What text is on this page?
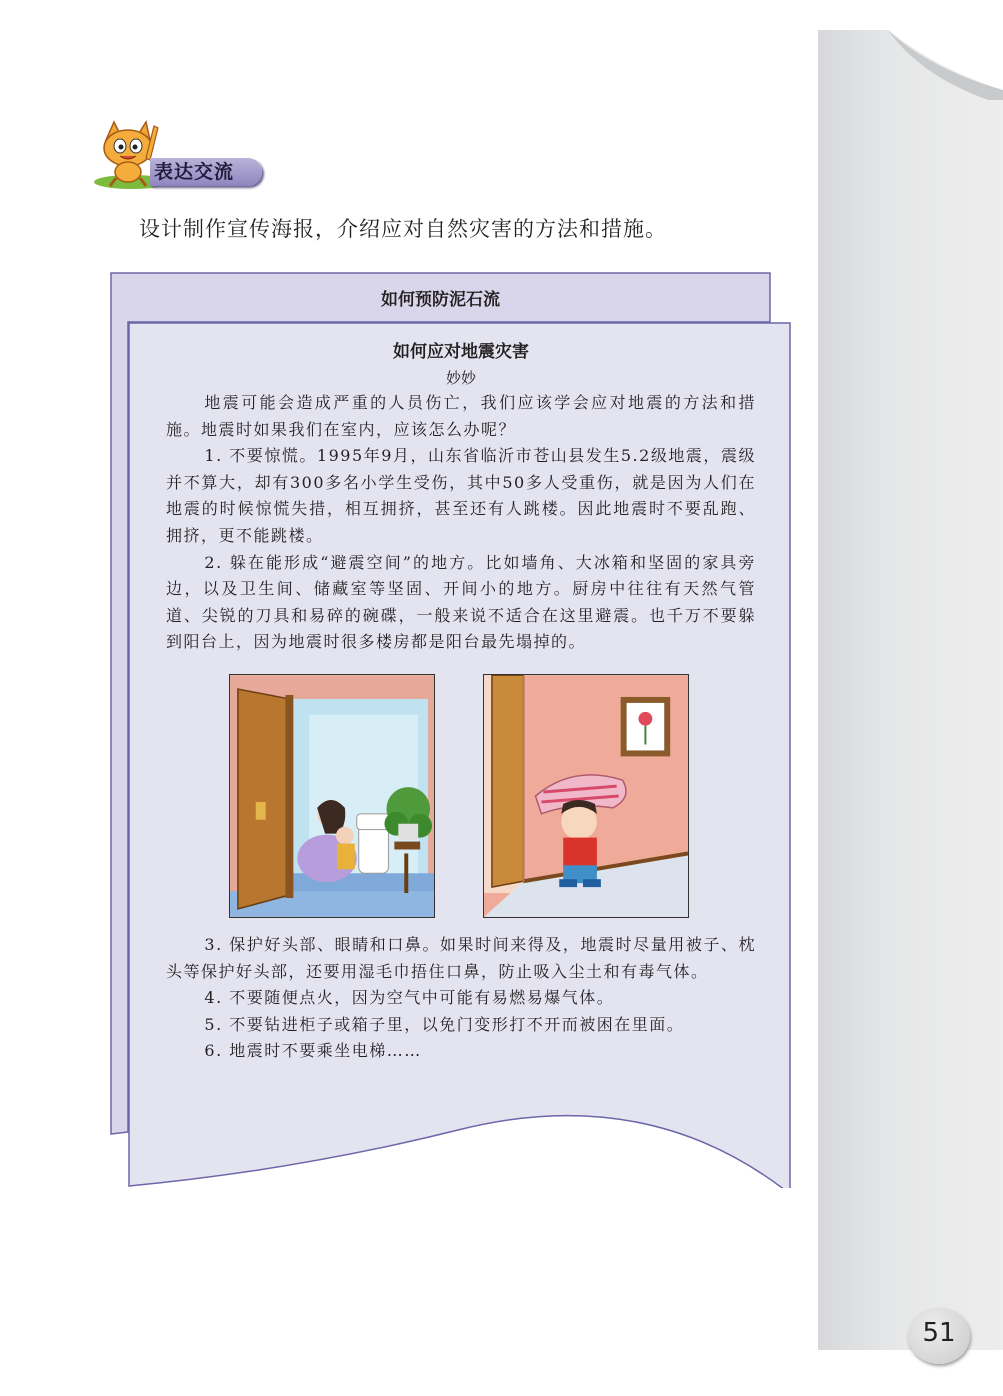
表达交流
设计制作宣传海报，介绍应对自然灾害的方法和措施。
如何预防泥石流

如何应对地震灾害

妙妙

地震可能会造成严重的人员伤亡，我们应该学会应对地震的方法和措施。地震时如果我们在室内，应该怎么办呢？

1. 不要惊慌。1995年9月，山东省临沂市苍山县发生5.2级地震，震级并不算大，却有300多名小学生受伤，其中50多人受重伤，就是因为人们在地震的时候惊慌失措，相互拥挤，甚至还有人跳楼。因此地震时不要乱跑、拥挤，更不能跳楼。

2. 躲在能形成“避震空间”的地方。比如墙角、大冰箱和坚固的家具旁边，以及卫生间、储藏室等坚固、开间小的地方。厨房中往往有天然气管道、尖锐的刀具和易碎的碗碟，一般来说不适合在这里避震。也千万不要躲到阳台上，因为地震时很多楼房都是阳台最先塌掉的。

3. 保护好头部、眼睛和口鼻。如果时间来得及，地震时尽量用被子、枕头等保护好头部，还要用湿毛巾捂住口鼻，防止吸入尘土和有毒气体。

4. 不要随便点火，因为空气中可能有易燃易爆气体。

5. 不要钻进柜子或箱子里，以免门变形打不开而被困在里面。

6. 地震时不要乘坐电梯……

51
